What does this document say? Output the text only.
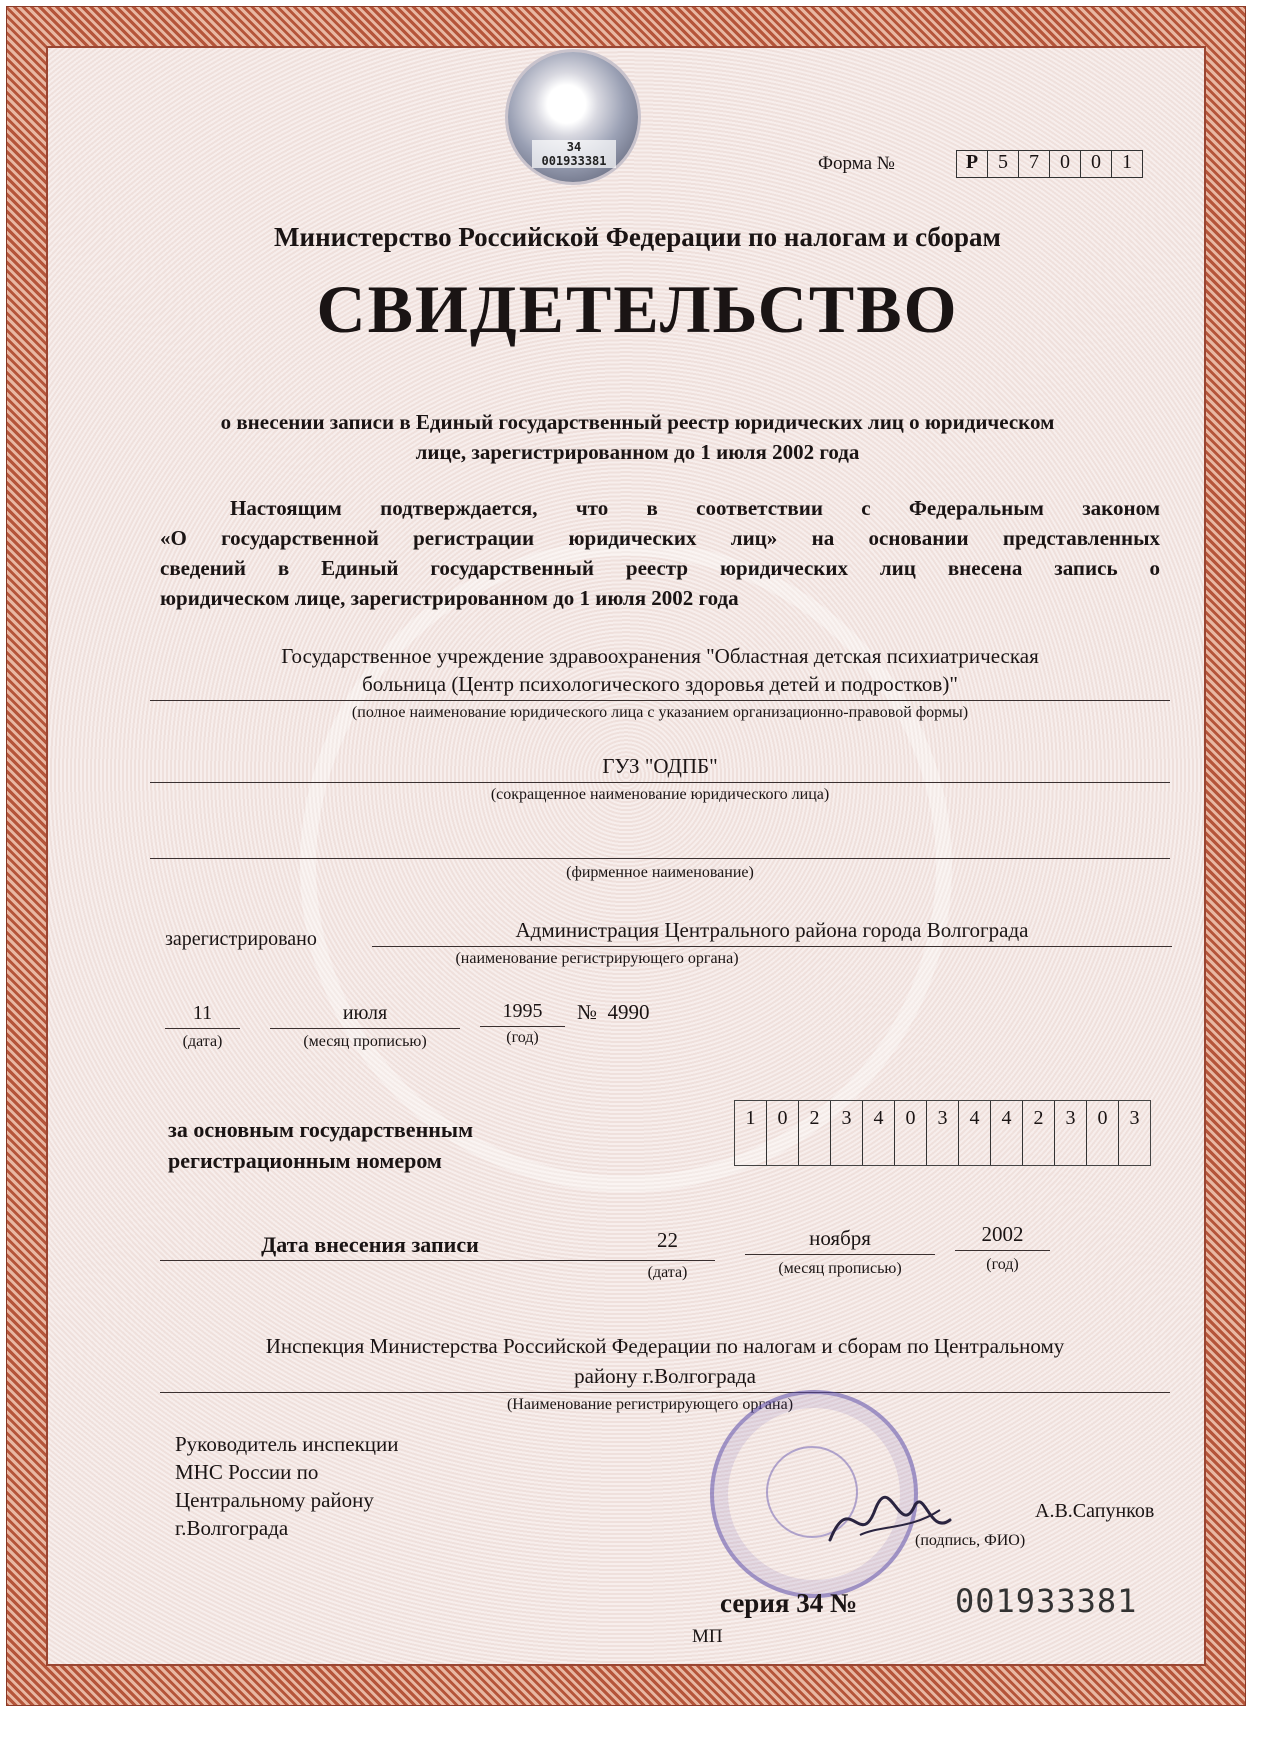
34 001933381	Форма №	Р 5	7	0	0	1
Министерство Российской Федерации по налогам и сборам
СВИДЕТЕЛЬСТВО
о внесении записи в Единый государственный реестр юридических лиц о юридическом
лице, зарегистрированном до 1 июля 2002 года
Настоящим подтверждается, что в соответствии с Федеральным законом
«О государственной регистрации юридических лиц» на основании представленных
сведений в Единый государственный реестр юридических лиц внесена запись о
юридическом лице, зарегистрированном до 1 июля 2002 года
Государственное учреждение здравоохранения "Областная детская психиатрическая
больница (Центр психологического здоровья детей и подростков)"
(полное наименование юридического лица с указанием организационно-правовой формы)
ГУЗ "ОДПБ"
(сокращенное наименование юридического лица)
(фирменное наименование)
зарегистрировано	Администрация Центрального района города Волгограда
(наименование регистрирующего органа)
11
(дата)
июля
(месяц прописью)
1995
(год)
№  4990
за основным государственным
регистрационным номером
1	0	2	3	4	0	3	4	4	2	3	0	3
Дата внесения записи	22
(дата)
ноября
(месяц прописью)
2002
(год)
Инспекция Министерства Российской Федерации по налогам и сборам по Центральному
району г.Волгограда
(Наименование регистрирующего органа)
Руководитель инспекции
МНС России по
Центральному району
г.Волгограда
А.В.Сапунков
(подпись, ФИО)
серия 34 №	001933381
МП
